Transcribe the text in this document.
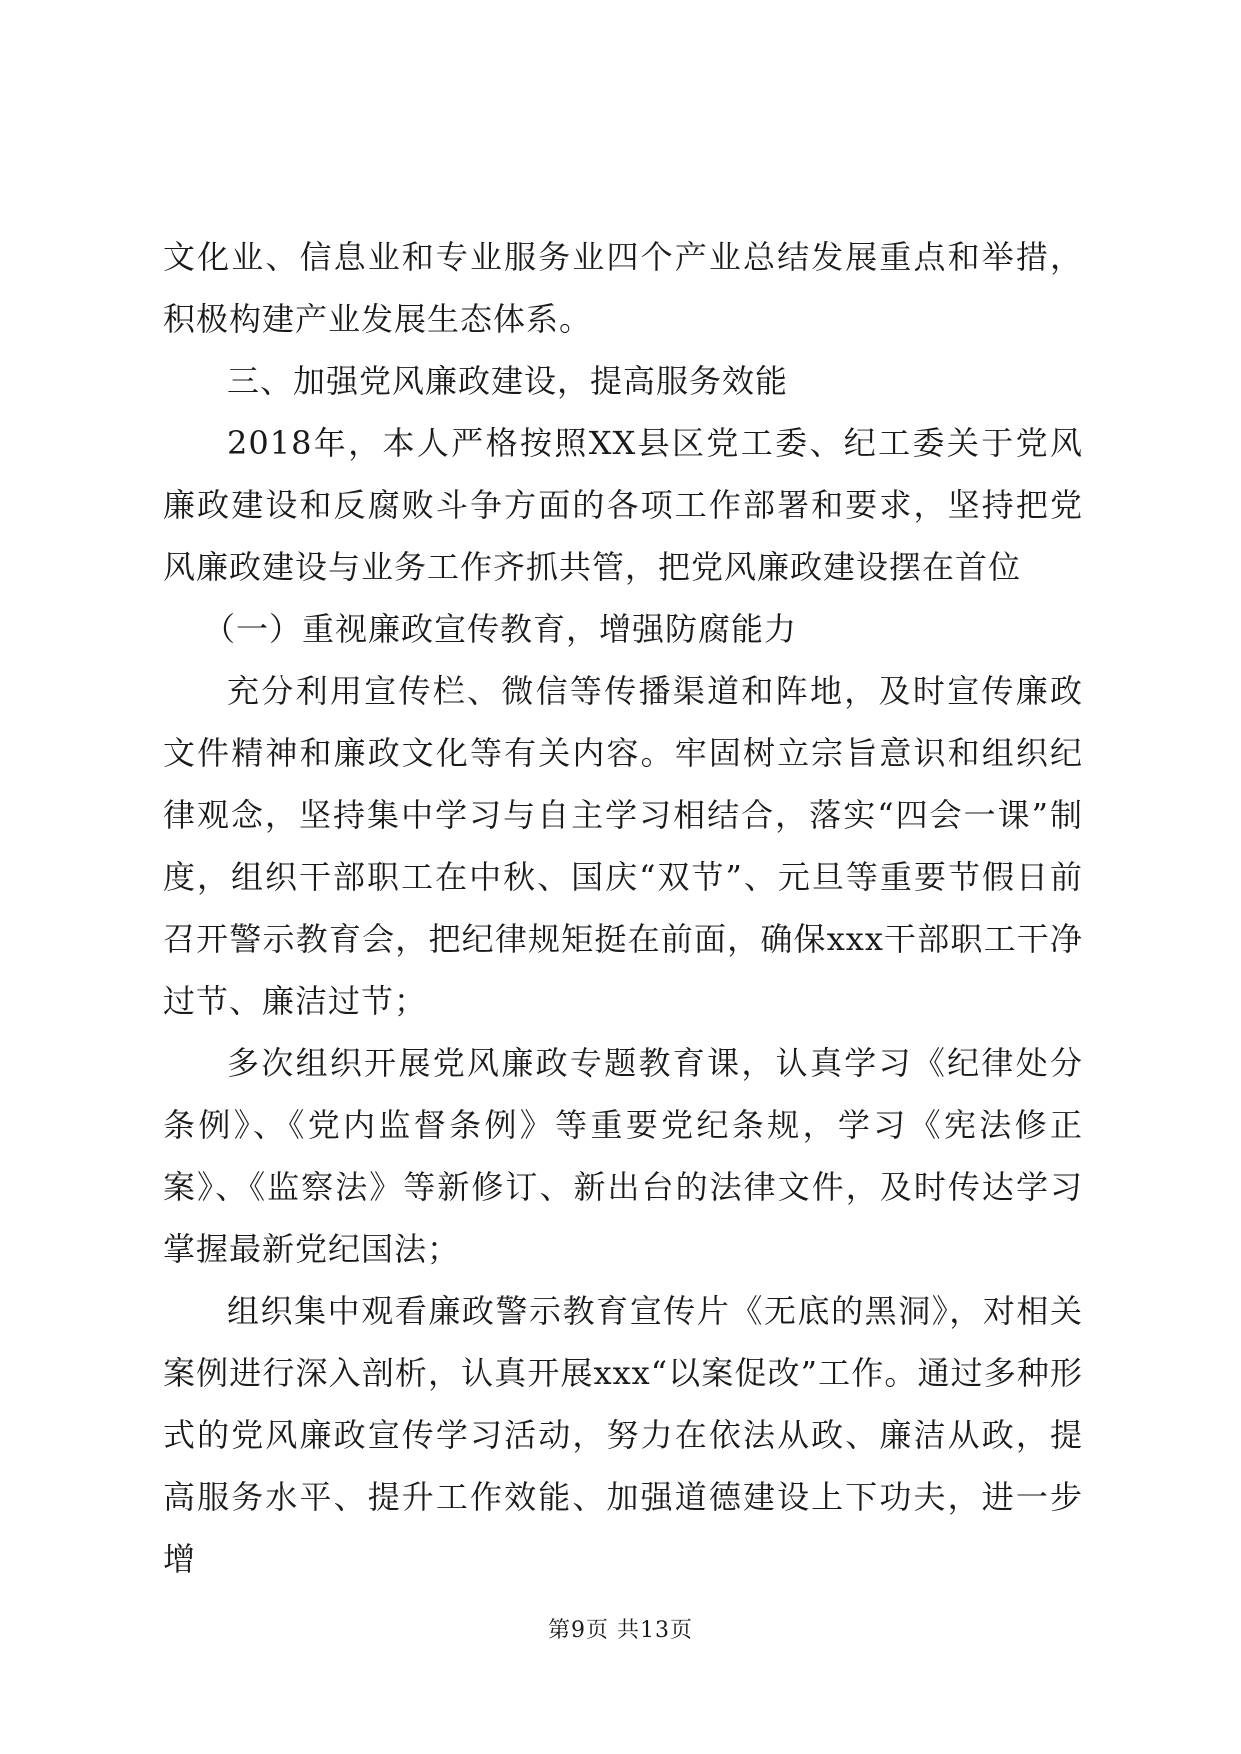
文化业、信息业和专业服务业四个产业总结发展重点和举措，积极构建产业发展生态体系。

三、加强党风廉政建设，提高服务效能

2018年，本人严格按照XX县区党工委、纪工委关于党风廉政建设和反腐败斗争方面的各项工作部署和要求，坚持把党风廉政建设与业务工作齐抓共管，把党风廉政建设摆在首位

（一）重视廉政宣传教育，增强防腐能力

充分利用宣传栏、微信等传播渠道和阵地，及时宣传廉政文件精神和廉政文化等有关内容。牢固树立宗旨意识和组织纪律观念，坚持集中学习与自主学习相结合，落实“四会一课”制度，组织干部职工在中秋、国庆“双节”、元旦等重要节假日前召开警示教育会，把纪律规矩挺在前面，确保xxx干部职工干净过节、廉洁过节；

多次组织开展党风廉政专题教育课，认真学习《纪律处分条例》、《党内监督条例》等重要党纪条规，学习《宪法修正案》、《监察法》等新修订、新出台的法律文件，及时传达学习掌握最新党纪国法；

组织集中观看廉政警示教育宣传片《无底的黑洞》，对相关案例进行深入剖析，认真开展xxx“以案促改”工作。通过多种形式的党风廉政宣传学习活动，努力在依法从政、廉洁从政，提高服务水平、提升工作效能、加强道德建设上下功夫，进一步增

第9页 共13页
